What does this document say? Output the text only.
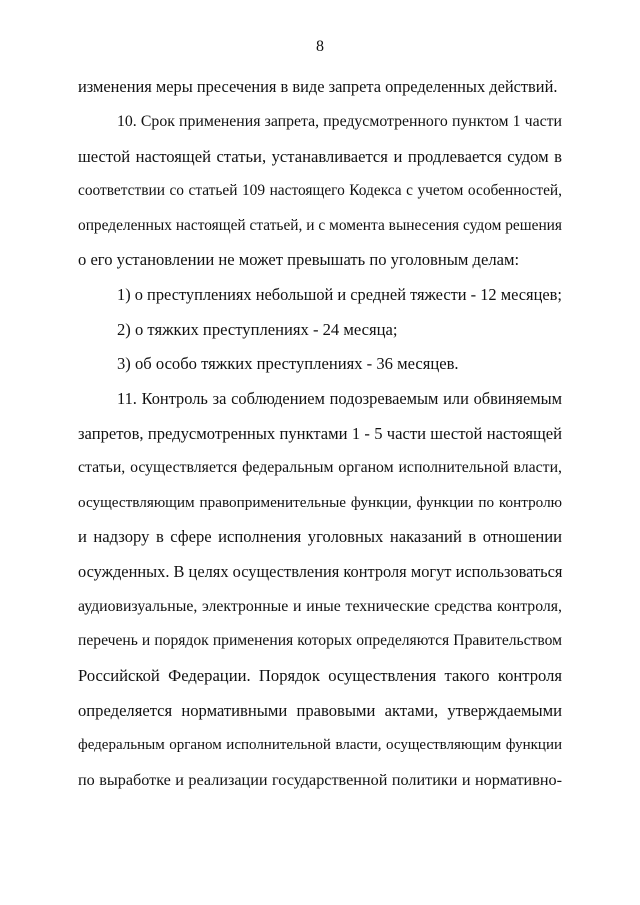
8
изменения меры пресечения в виде запрета определенных действий.
10. Срок применения запрета, предусмотренного пунктом 1 части
шестой настоящей статьи, устанавливается и продлевается судом в
соответствии со статьей 109 настоящего Кодекса с учетом особенностей,
определенных настоящей статьей, и с момента вынесения судом решения
о его установлении не может превышать по уголовным делам:
1) о преступлениях небольшой и средней тяжести - 12 месяцев;
2) о тяжких преступлениях - 24 месяца;
3) об особо тяжких преступлениях - 36 месяцев.
11. Контроль за соблюдением подозреваемым или обвиняемым
запретов, предусмотренных пунктами 1 - 5 части шестой настоящей
статьи, осуществляется федеральным органом исполнительной власти,
осуществляющим правоприменительные функции, функции по контролю
и надзору в сфере исполнения уголовных наказаний в отношении
осужденных. В целях осуществления контроля могут использоваться
аудиовизуальные, электронные и иные технические средства контроля,
перечень и порядок применения которых определяются Правительством
Российской Федерации. Порядок осуществления такого контроля
определяется нормативными правовыми актами, утверждаемыми
федеральным органом исполнительной власти, осуществляющим функции
по выработке и реализации государственной политики и нормативно-
